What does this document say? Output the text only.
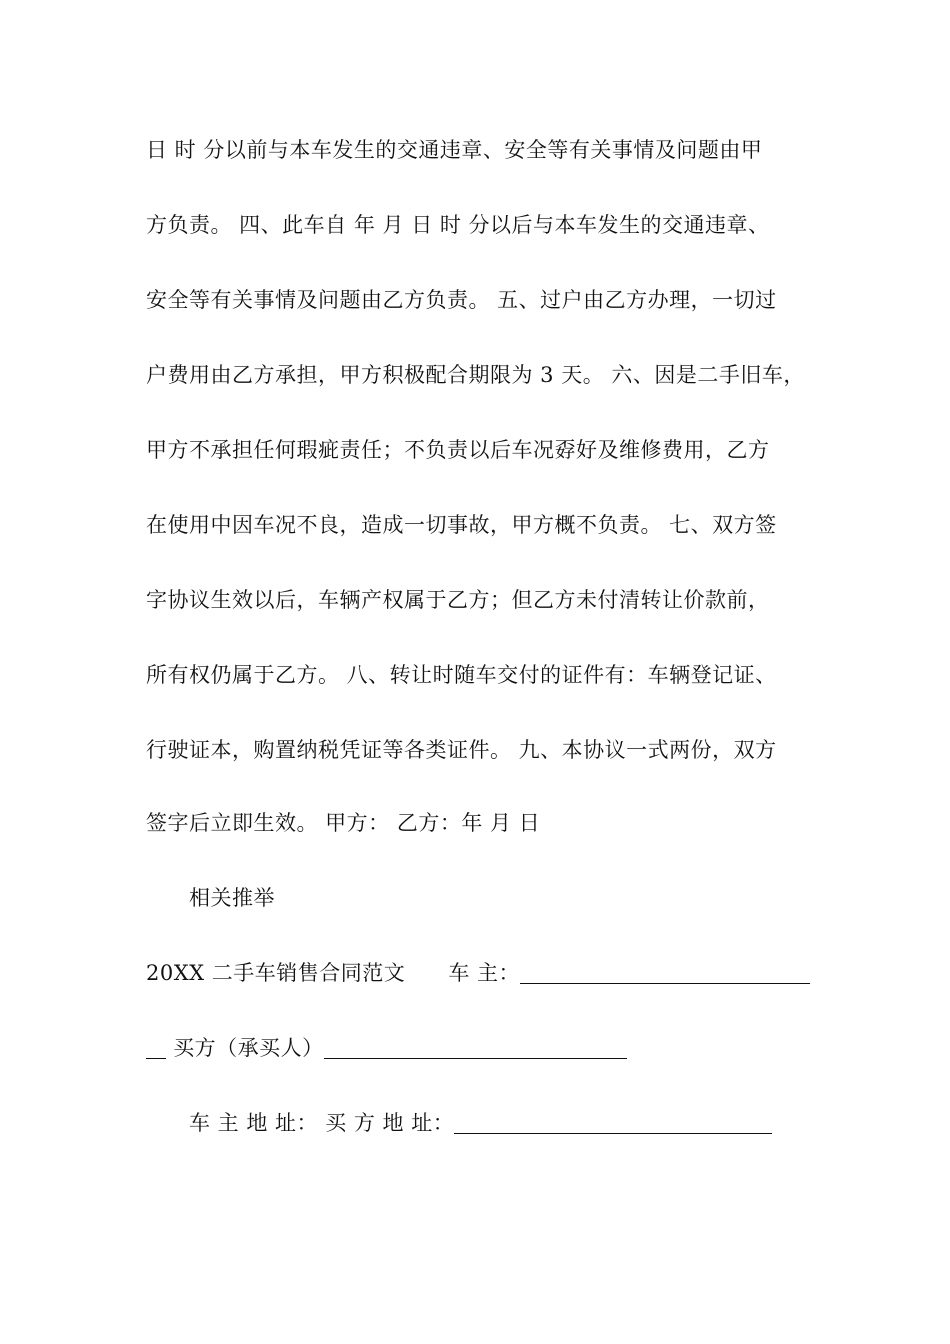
日 时 分以前与本车发生的交通违章、安全等有关事情及问题由甲
方负责。 四、此车自 年 月 日 时 分以后与本车发生的交通违章、
安全等有关事情及问题由乙方负责。 五、过户由乙方办理，一切过
户费用由乙方承担，甲方积极配合期限为 3 天。 六、因是二手旧车，
甲方不承担任何瑕疵责任；不负责以后车况孬好及维修费用，乙方
在使用中因车况不良，造成一切事故，甲方概不负责。 七、双方签
字协议生效以后，车辆产权属于乙方；但乙方未付清转让价款前，
所有权仍属于乙方。 八、转让时随车交付的证件有：车辆登记证、
行驶证本，购置纳税凭证等各类证件。 九、本协议一式两份，双方
签字后立即生效。 甲方： 乙方：年 月 日
相关推举
20XX 二手车销售合同范文 车 主：
买方（承买人）
车 主 地 址： 买 方 地 址：
